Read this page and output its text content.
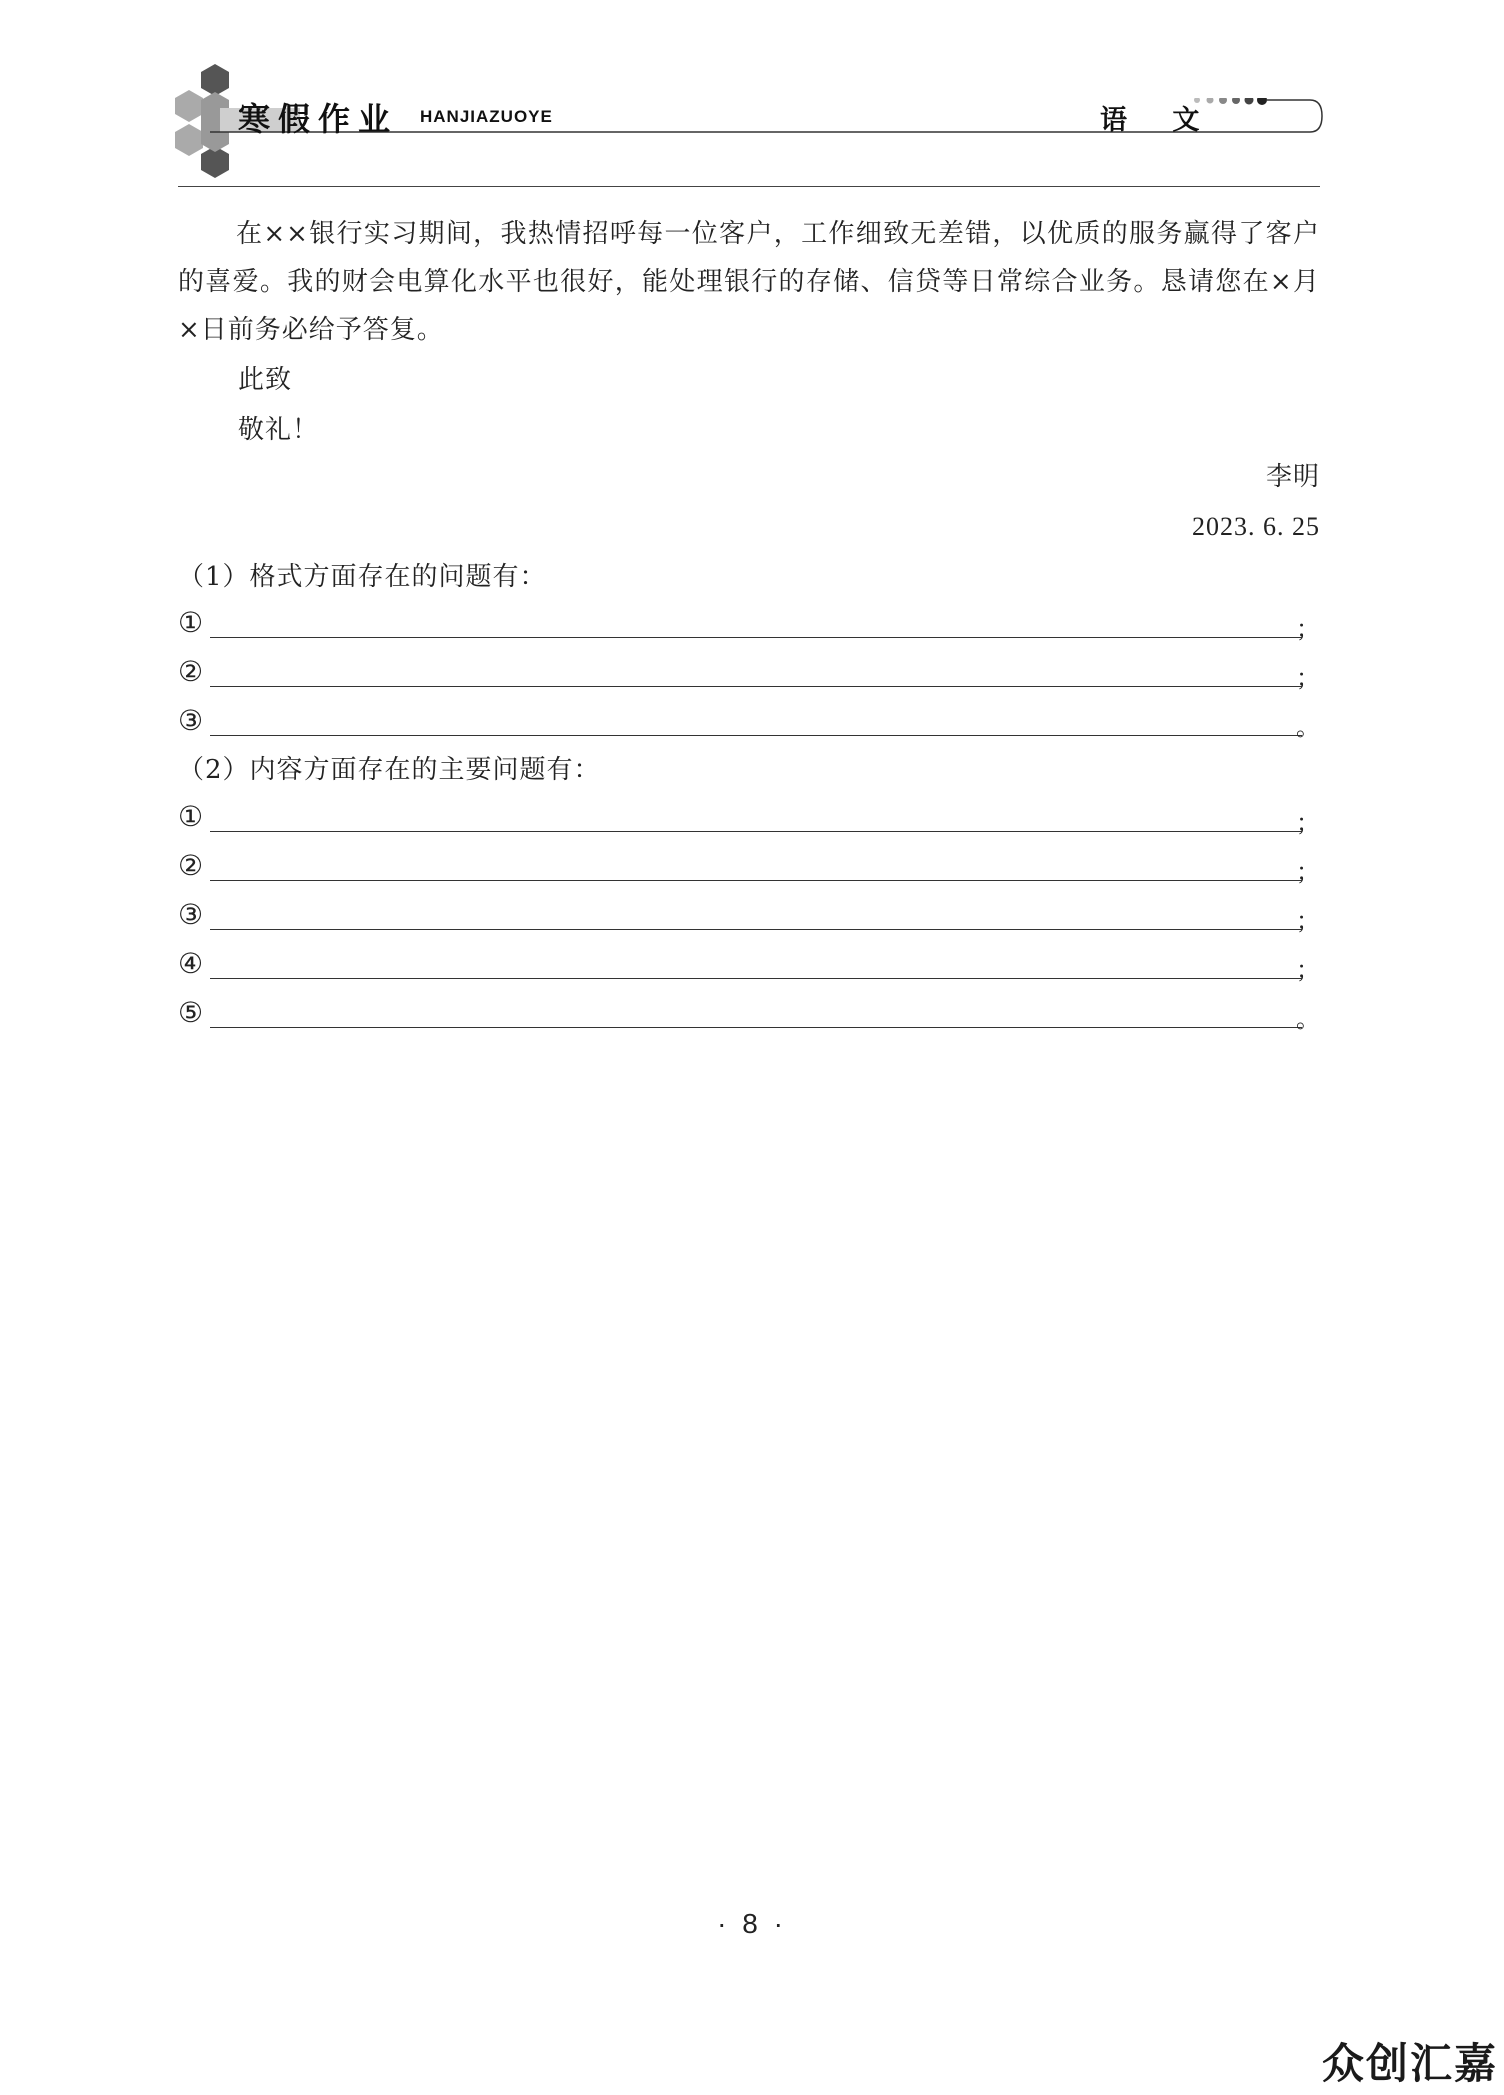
寒假作业 HANJIAZUOYE	语 文
在××银行实习期间，我热情招呼每一位客户，工作细致无差错，以优质的服务赢得了客户的喜爱。我的财会电算化水平也很好，能处理银行的存储、信贷等日常综合业务。恳请您在×月×日前务必给予答复。
此致
敬礼！
李明
2023. 6. 25
（1）格式方面存在的问题有：
①	；
②	；
③	。
（2）内容方面存在的主要问题有：
①	；
②	；
③	；
④	；
⑤	。
· 8 ·
众创汇嘉
